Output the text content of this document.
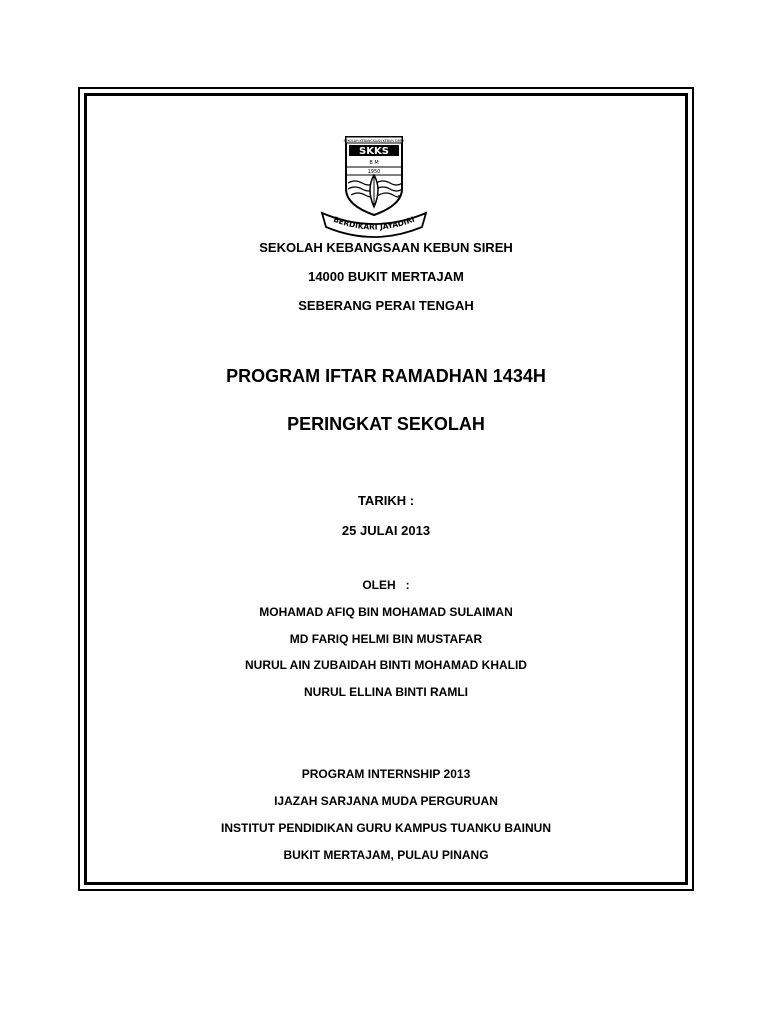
SEKOLAH KEBANGSAAN KEBUN SIREH
SKKS
B M
1950
BERDIKARI JAYADIRI
SEKOLAH KEBANGSAAN KEBUN SIREH
14000 BUKIT MERTAJAM
SEBERANG PERAI TENGAH
PROGRAM IFTAR RAMADHAN 1434H
PERINGKAT SEKOLAH
TARIKH :
25 JULAI 2013
OLEH   :
MOHAMAD AFIQ BIN MOHAMAD SULAIMAN
MD FARIQ HELMI BIN MUSTAFAR
NURUL AIN ZUBAIDAH BINTI MOHAMAD KHALID
NURUL ELLINA BINTI RAMLI
PROGRAM INTERNSHIP 2013
IJAZAH SARJANA MUDA PERGURUAN
INSTITUT PENDIDIKAN GURU KAMPUS TUANKU BAINUN
BUKIT MERTAJAM, PULAU PINANG
